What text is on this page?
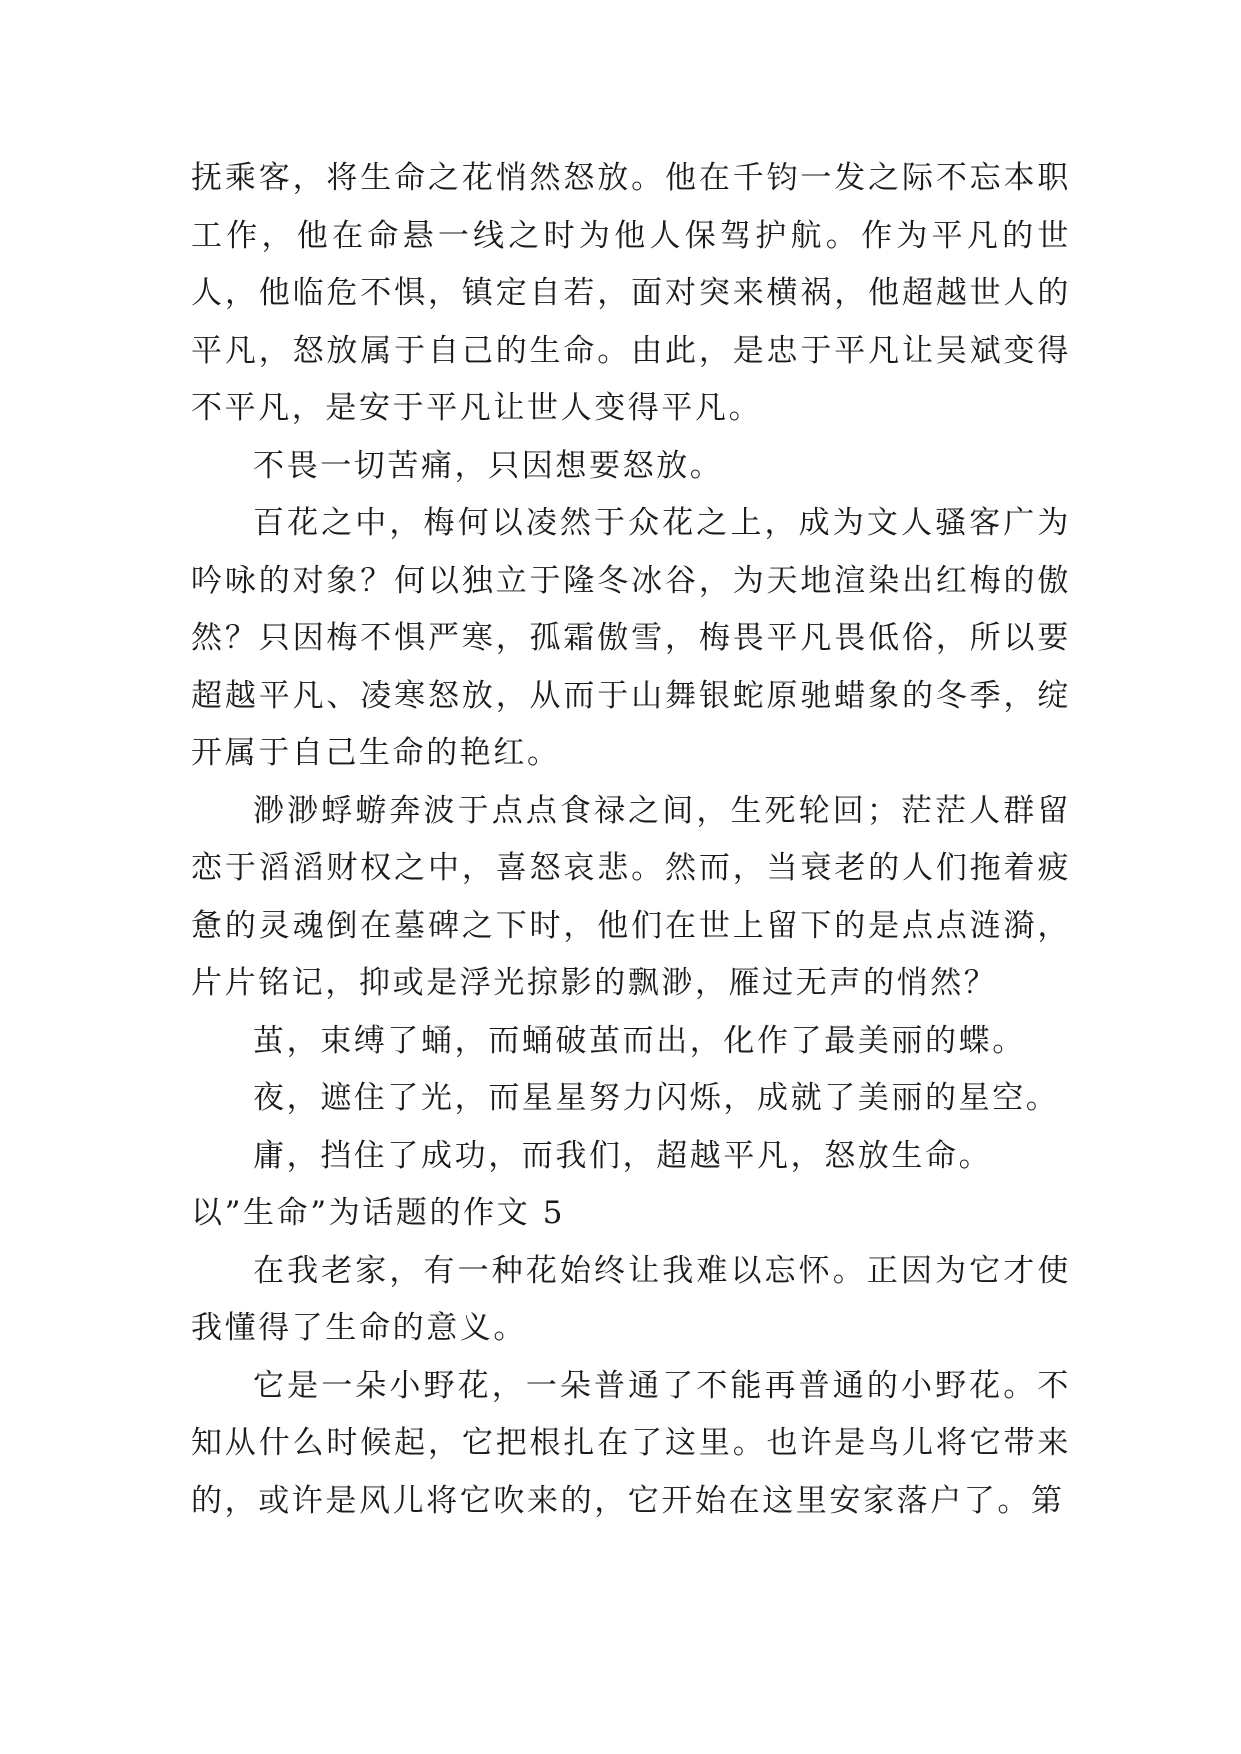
抚乘客，将生命之花悄然怒放。他在千钧一发之际不忘本职工作，他在命悬一线之时为他人保驾护航。作为平凡的世人，他临危不惧，镇定自若，面对突来横祸，他超越世人的平凡，怒放属于自己的生命。由此，是忠于平凡让吴斌变得不平凡，是安于平凡让世人变得平凡。

不畏一切苦痛，只因想要怒放。

百花之中，梅何以凌然于众花之上，成为文人骚客广为吟咏的对象？何以独立于隆冬冰谷，为天地渲染出红梅的傲然？只因梅不惧严寒，孤霜傲雪，梅畏平凡畏低俗，所以要超越平凡、凌寒怒放，从而于山舞银蛇原驰蜡象的冬季，绽开属于自己生命的艳红。

渺渺蜉蝣奔波于点点食禄之间，生死轮回；茫茫人群留恋于滔滔财权之中，喜怒哀悲。然而，当衰老的人们拖着疲惫的灵魂倒在墓碑之下时，他们在世上留下的是点点涟漪，片片铭记，抑或是浮光掠影的飘渺，雁过无声的悄然？

茧，束缚了蛹，而蛹破茧而出，化作了最美丽的蝶。

夜，遮住了光，而星星努力闪烁，成就了美丽的星空。

庸，挡住了成功，而我们，超越平凡，怒放生命。

以”生命”为话题的作文 5

在我老家，有一种花始终让我难以忘怀。正因为它才使我懂得了生命的意义。

它是一朵小野花，一朵普通了不能再普通的小野花。不知从什么时候起，它把根扎在了这里。也许是鸟儿将它带来的，或许是风儿将它吹来的，它开始在这里安家落户了。第
